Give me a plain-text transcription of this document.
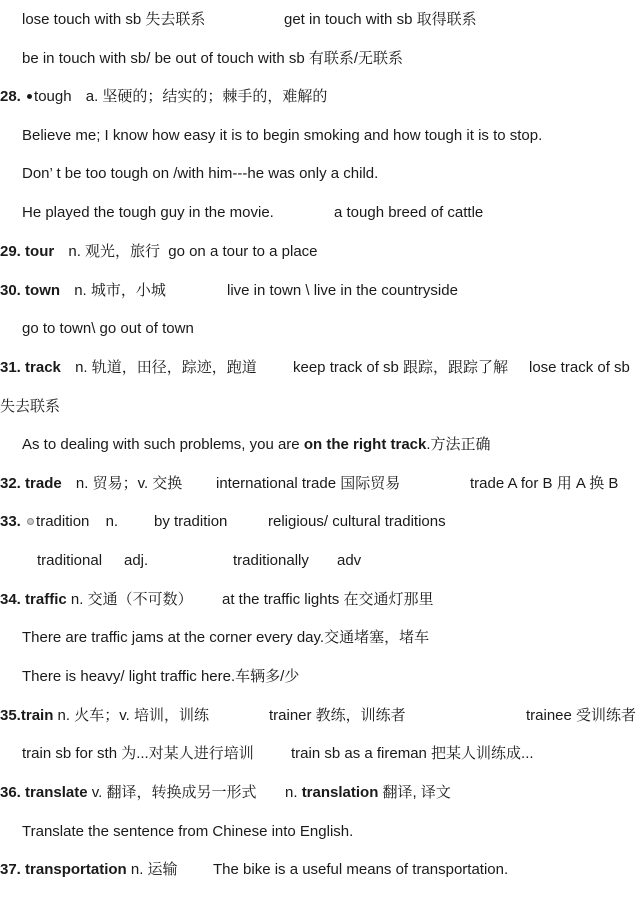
lose touch with sb 失去联系	get in touch with sb 取得联系
be in touch with sb/ be out of touch with sb 有联系/无联系
28. tough a. 坚硬的；结实的；棘手的，难解的
Believe me; I know how easy it is to begin smoking and how tough it is to stop.
Don’ t be too tough on /with him---he was only a child.
He played the tough guy in the movie.	a tough breed of cattle
29. tour n. 观光，旅行 go on a tour to a place
30. town n. 城市，小城	live in town \ live in the countryside
go to town\ go out of town
31. track n. 轨道，田径，踪迹，跑道 keep track of sb 跟踪，跟踪了解 lose track of sb
失去联系
As to dealing with such problems, you are on the right track.方法正确
32. trade n. 贸易；v. 交换 international trade 国际贸易	trade A for B 用 A 换 B
33. tradition n. by tradition	religious/ cultural traditions
traditional adj.	traditionally adv
34. traffic n. 交通（不可数） at the traffic lights 在交通灯那里
There are traffic jams at the corner every day.交通堵塞，堵车
There is heavy/ light traffic here.车辆多/少
35.train n. 火车；v. 培训，训练	trainer 教练，训练者	trainee 受训练者
train sb for sth 为...对某人进行培训 train sb as a fireman 把某人训练成...
36. translate v. 翻译，转换成另一形式 n. translation 翻译, 译文
Translate the sentence from Chinese into English.
37. transportation n. 运输 The bike is a useful means of transportation.
